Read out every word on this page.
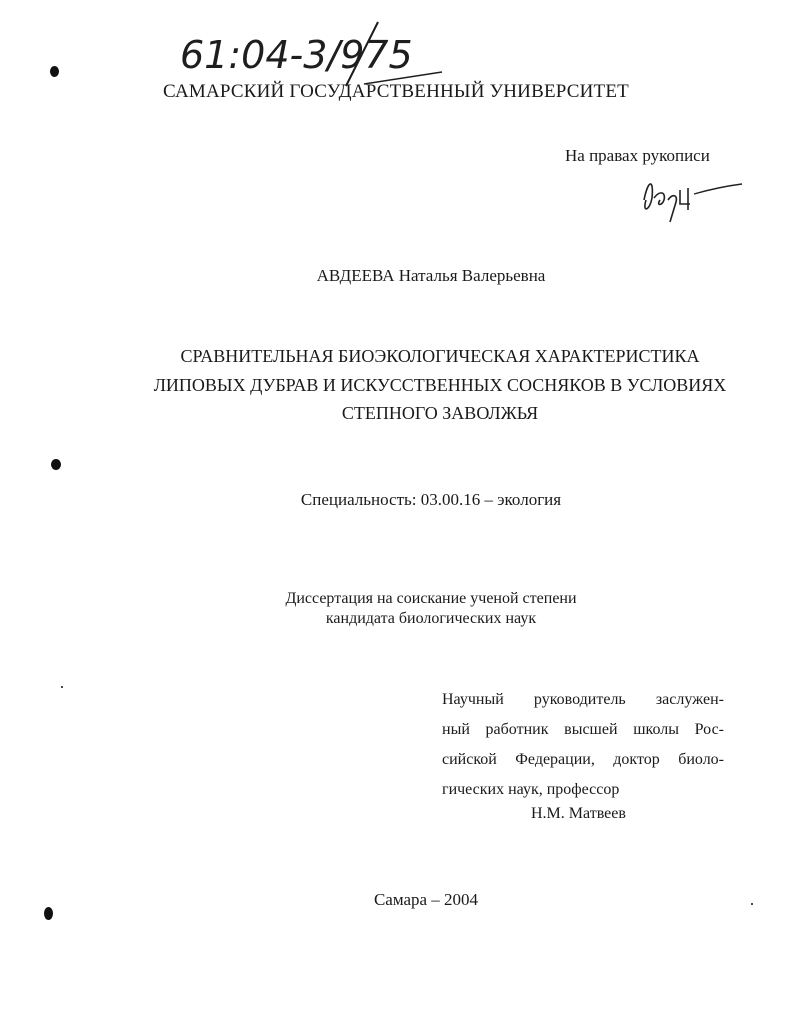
61:04-3/975
САМАРСКИЙ ГОСУДАРСТВЕННЫЙ УНИВЕРСИТЕТ
На правах рукописи
АВДЕЕВА Наталья Валерьевна
СРАВНИТЕЛЬНАЯ БИОЭКОЛОГИЧЕСКАЯ ХАРАКТЕРИСТИКА
ЛИПОВЫХ ДУБРАВ И ИСКУССТВЕННЫХ СОСНЯКОВ В УСЛОВИЯХ
СТЕПНОГО ЗАВОЛЖЬЯ
Специальность: 03.00.16 – экология
Диссертация на соискание ученой степени
кандидата биологических наук
Научный руководитель заслужен-
ный работник высшей школы Рос-
сийской Федерации, доктор биоло-
гических наук, профессор
Н.М. Матвеев
Самара – 2004
